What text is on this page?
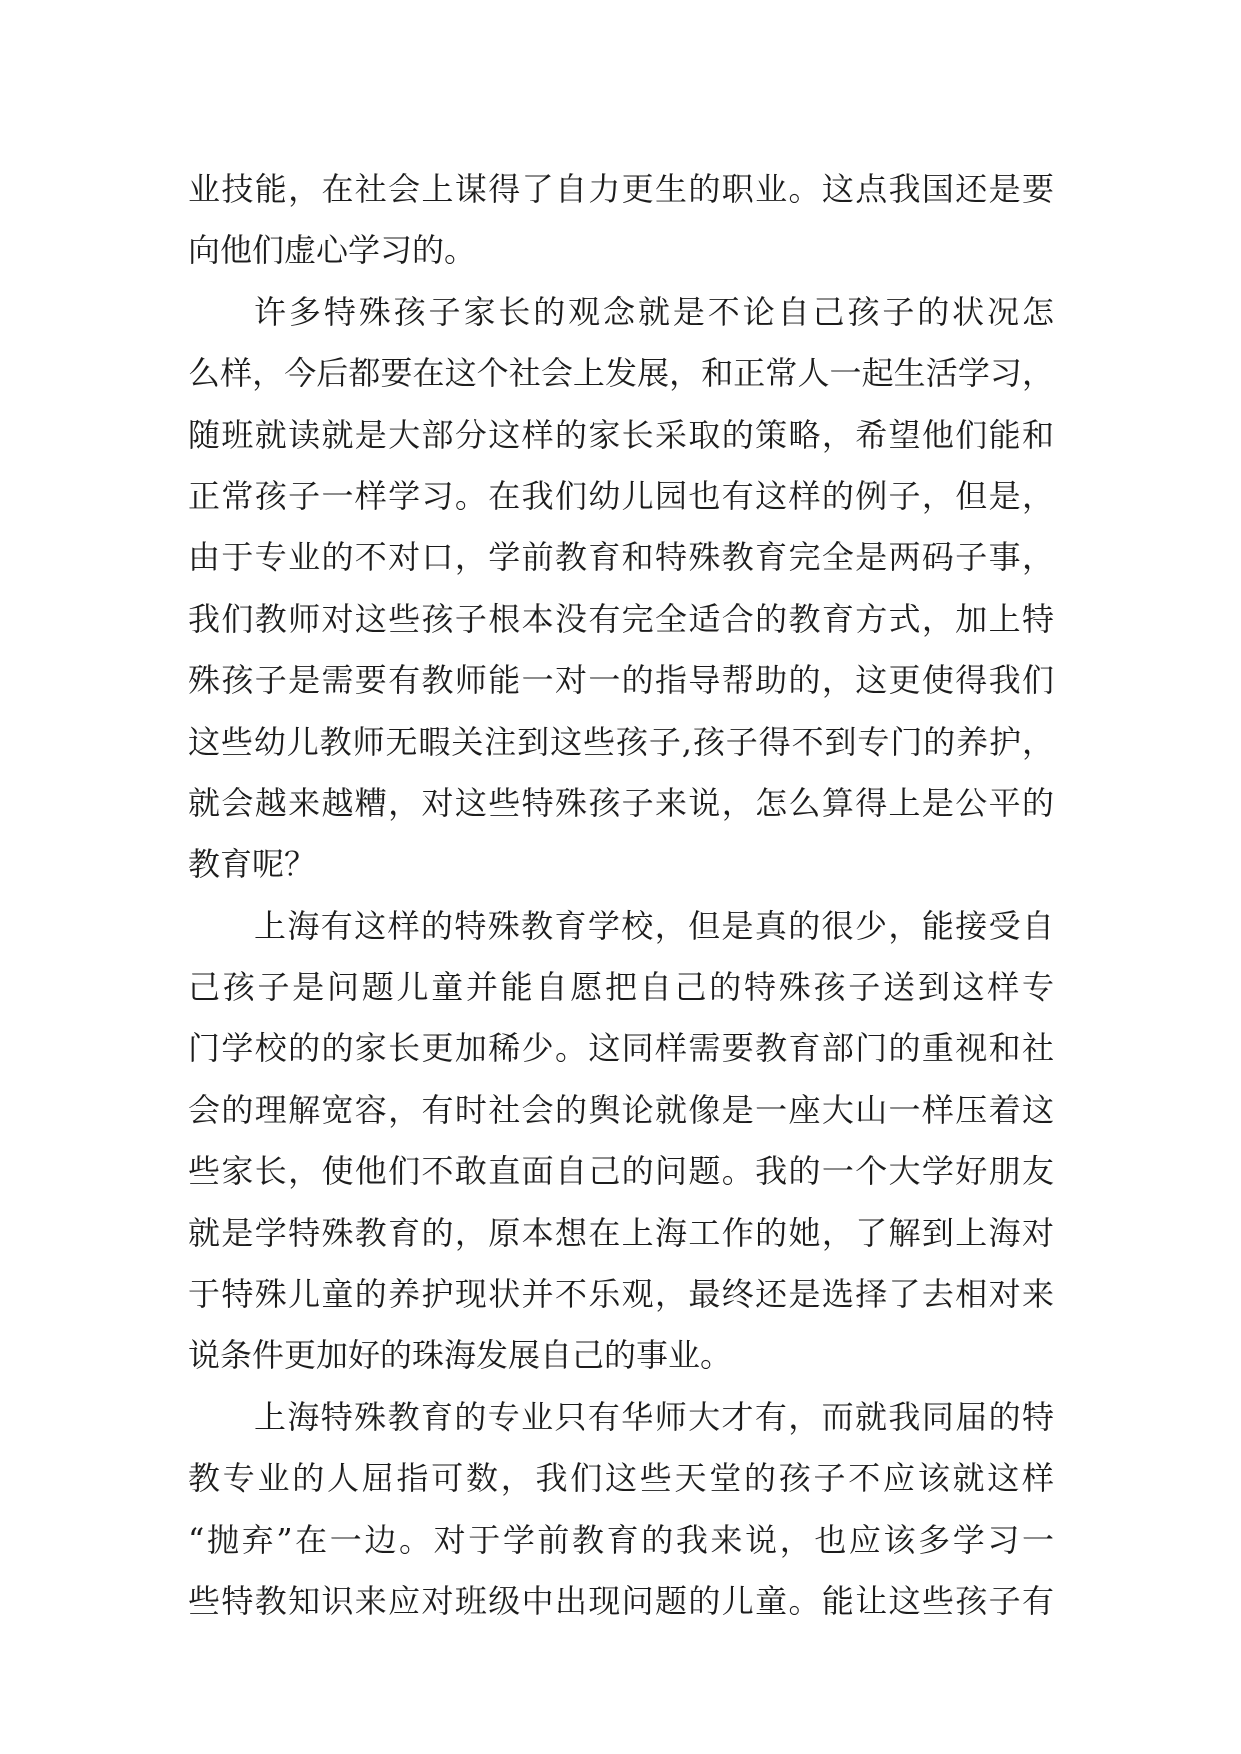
业技能，在社会上谋得了自力更生的职业。这点我国还是要
向他们虚心学习的。
许多特殊孩子家长的观念就是不论自己孩子的状况怎
么样，今后都要在这个社会上发展，和正常人一起生活学习，
随班就读就是大部分这样的家长采取的策略，希望他们能和
正常孩子一样学习。在我们幼儿园也有这样的例子，但是，
由于专业的不对口，学前教育和特殊教育完全是两码子事，
我们教师对这些孩子根本没有完全适合的教育方式，加上特
殊孩子是需要有教师能一对一的指导帮助的，这更使得我们
这些幼儿教师无暇关注到这些孩子,孩子得不到专门的养护，
就会越来越糟，对这些特殊孩子来说，怎么算得上是公平的
教育呢？
上海有这样的特殊教育学校，但是真的很少，能接受自
己孩子是问题儿童并能自愿把自己的特殊孩子送到这样专
门学校的的家长更加稀少。这同样需要教育部门的重视和社
会的理解宽容，有时社会的舆论就像是一座大山一样压着这
些家长，使他们不敢直面自己的问题。我的一个大学好朋友
就是学特殊教育的，原本想在上海工作的她，了解到上海对
于特殊儿童的养护现状并不乐观，最终还是选择了去相对来
说条件更加好的珠海发展自己的事业。
上海特殊教育的专业只有华师大才有，而就我同届的特
教专业的人屈指可数，我们这些天堂的孩子不应该就这样
“抛弃”在一边。对于学前教育的我来说，也应该多学习一
些特教知识来应对班级中出现问题的儿童。能让这些孩子有
